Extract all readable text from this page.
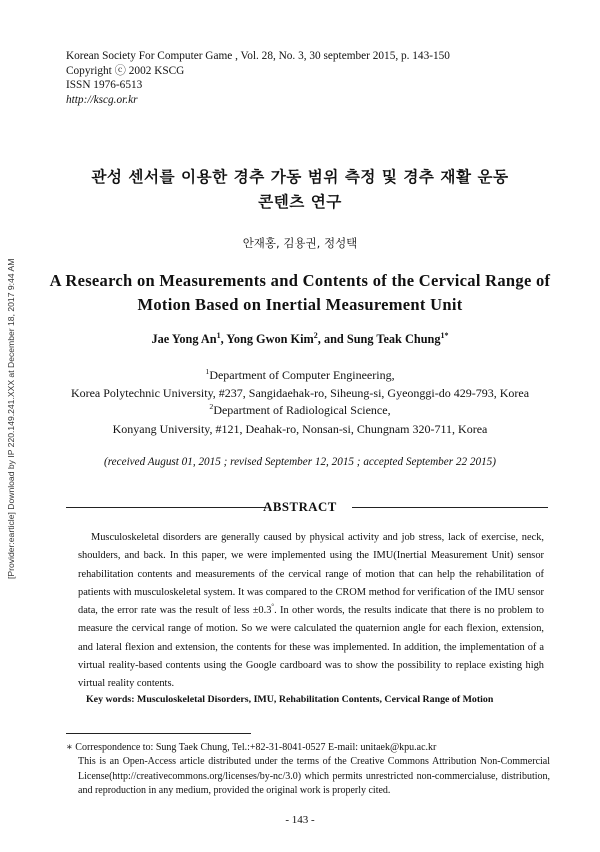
Korean Society For Computer Game , Vol. 28, No. 3, 30 september 2015, p. 143-150
Copyright ⓒ 2002 KSCG
ISSN 1976-6513
http://kscg.or.kr
[Provider:earticle] Download by IP 220.149.241.XXX at December 18, 2017 9:44 AM
관성 센서를 이용한 경추 가동 범위 측정 및 경추 재활 운동
콘텐츠 연구
안재홍, 김용권, 정성택
A Research on Measurements and Contents of the Cervical Range of
Motion Based on Inertial Measurement Unit
Jae Yong An$^1$, Yong Gwon Kim$^2$, and Sung Teak Chung$^{1*}$
$^1$Department of Computer Engineering,
Korea Polytechnic University, #237, Sangidaehak-ro, Siheung-si, Gyeonggi-do 429-793, Korea
$^2$Department of Radiological Science,
Konyang University, #121, Deahak-ro, Nonsan-si, Chungnam 320-711, Korea
(received August 01, 2015 ; revised September 12, 2015 ; accepted September 22 2015)
ABSTRACT

Musculoskeletal disorders are generally caused by physical activity and job stress, lack of exercise, neck, shoulders, and back. In this paper, we were implemented using the IMU(Inertial Measurement Unit) sensor rehabilitation contents and measurements of the cervical range of motion that can help the rehabilitation of patients with musculoskeletal system. It was compared to the CROM method for verification of the IMU sensor data, the error rate was the result of less ±0.3°. In other words, the results indicate that there is no problem to measure the cervical range of motion. So we were calculated the quaternion angle for each flexion, extension, and lateral flexion and extension, the contents for these was implemented. In addition, the implementation of a virtual reality-based contents using the Google cardboard was to show the possibility to replace existing high virtual reality contents.

Key words: Musculoskeletal Disorders, IMU, Rehabilitation Contents, Cervical Range of Motion
∗ Correspondence to: Sung Taek Chung, Tel.:+82-31-8041-0527 E-mail: unitaek@kpu.ac.kr
This is an Open-Access article distributed under the terms of the Creative Commons Attribution Non-Commercial License(http://creativecommons.org/licenses/by-nc/3.0) which permits unrestricted non-commercialuse, distribution, and reproduction in any medium, provided the original work is properly cited.
- 143 -
